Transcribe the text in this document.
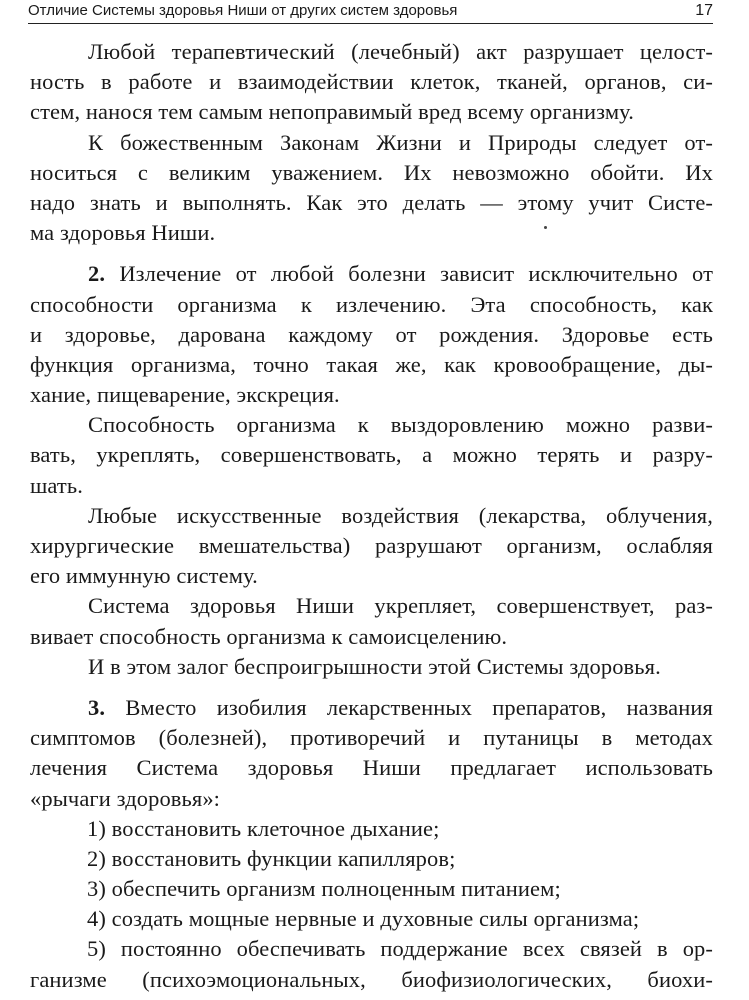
Отличие Системы здоровья Ниши от других систем здоровья	17
Любой терапевтический (лечебный) акт разрушает целост-
ность в работе и взаимодействии клеток, тканей, органов, си-
стем, нанося тем самым непоправимый вред всему организму.
К божественным Законам Жизни и Природы следует от-
носиться с великим уважением. Их невозможно обойти. Их
надо знать и выполнять. Как это делать — этому учит Систе-
ма здоровья Ниши.
2. Излечение от любой болезни зависит исключительно от
способности организма к излечению. Эта способность, как
и здоровье, дарована каждому от рождения. Здоровье есть
функция организма, точно такая же, как кровообращение, ды-
хание, пищеварение, экскреция.
Способность организма к выздоровлению можно разви-
вать, укреплять, совершенствовать, а можно терять и разру-
шать.
Любые искусственные воздействия (лекарства, облучения,
хирургические вмешательства) разрушают организм, ослабляя
его иммунную систему.
Система здоровья Ниши укрепляет, совершенствует, раз-
вивает способность организма к самоисцелению.
И в этом залог беспроигрышности этой Системы здоровья.
3. Вместо изобилия лекарственных препаратов, названия
симптомов (болезней), противоречий и путаницы в методах
лечения Система здоровья Ниши предлагает использовать
«рычаги здоровья»:
1) восстановить клеточное дыхание;
2) восстановить функции капилляров;
3) обеспечить организм полноценным питанием;
4) создать мощные нервные и духовные силы организма;
5) постоянно обеспечивать поддержание всех связей в ор-
ганизме (психоэмоциональных, биофизиологических, биохи-
